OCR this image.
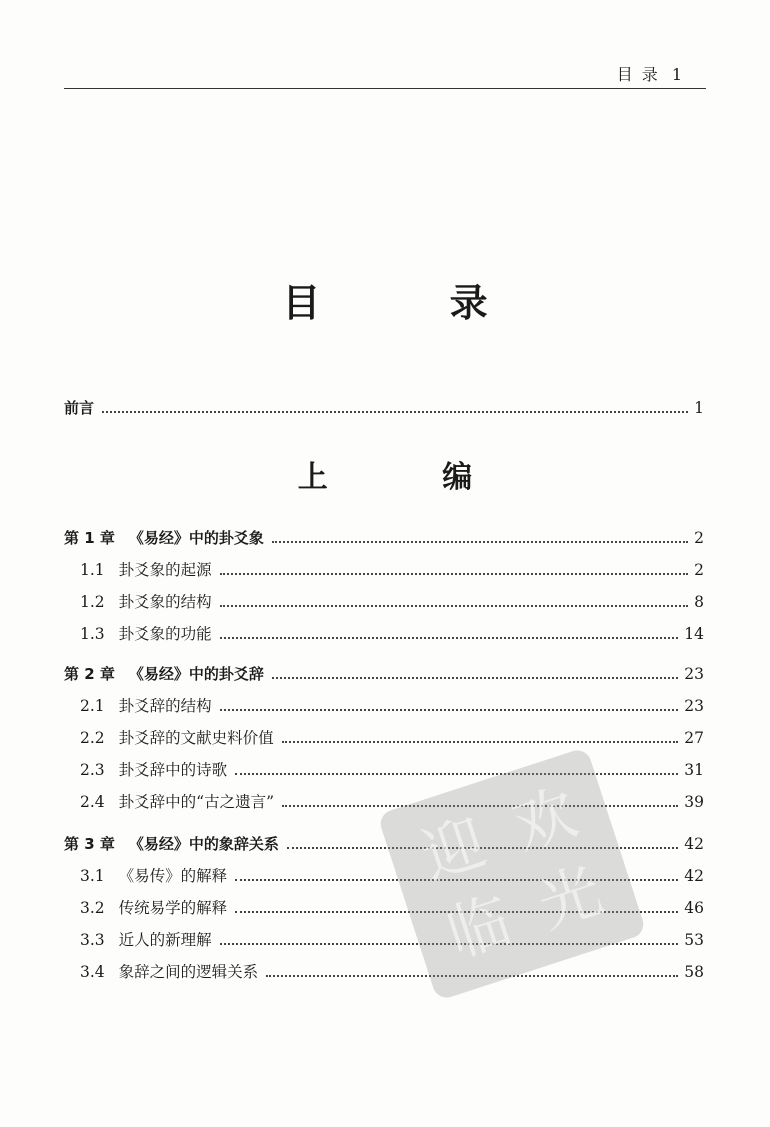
目 录 1
目 录
前言	1
上 编
第 1 章 《易经》中的卦爻象	2
1.1 卦爻象的起源	2
1.2 卦爻象的结构	8
1.3 卦爻象的功能	14
第 2 章 《易经》中的卦爻辞	23
2.1 卦爻辞的结构	23
2.2 卦爻辞的文献史料价值	27
2.3 卦爻辞中的诗歌	31
2.4 卦爻辞中的“古之遗言”	39
第 3 章 《易经》中的象辞关系	42
3.1 《易传》的解释	42
3.2 传统易学的解释	46
3.3 近人的新理解	53
3.4 象辞之间的逻辑关系	58
迎 欢
临 光
